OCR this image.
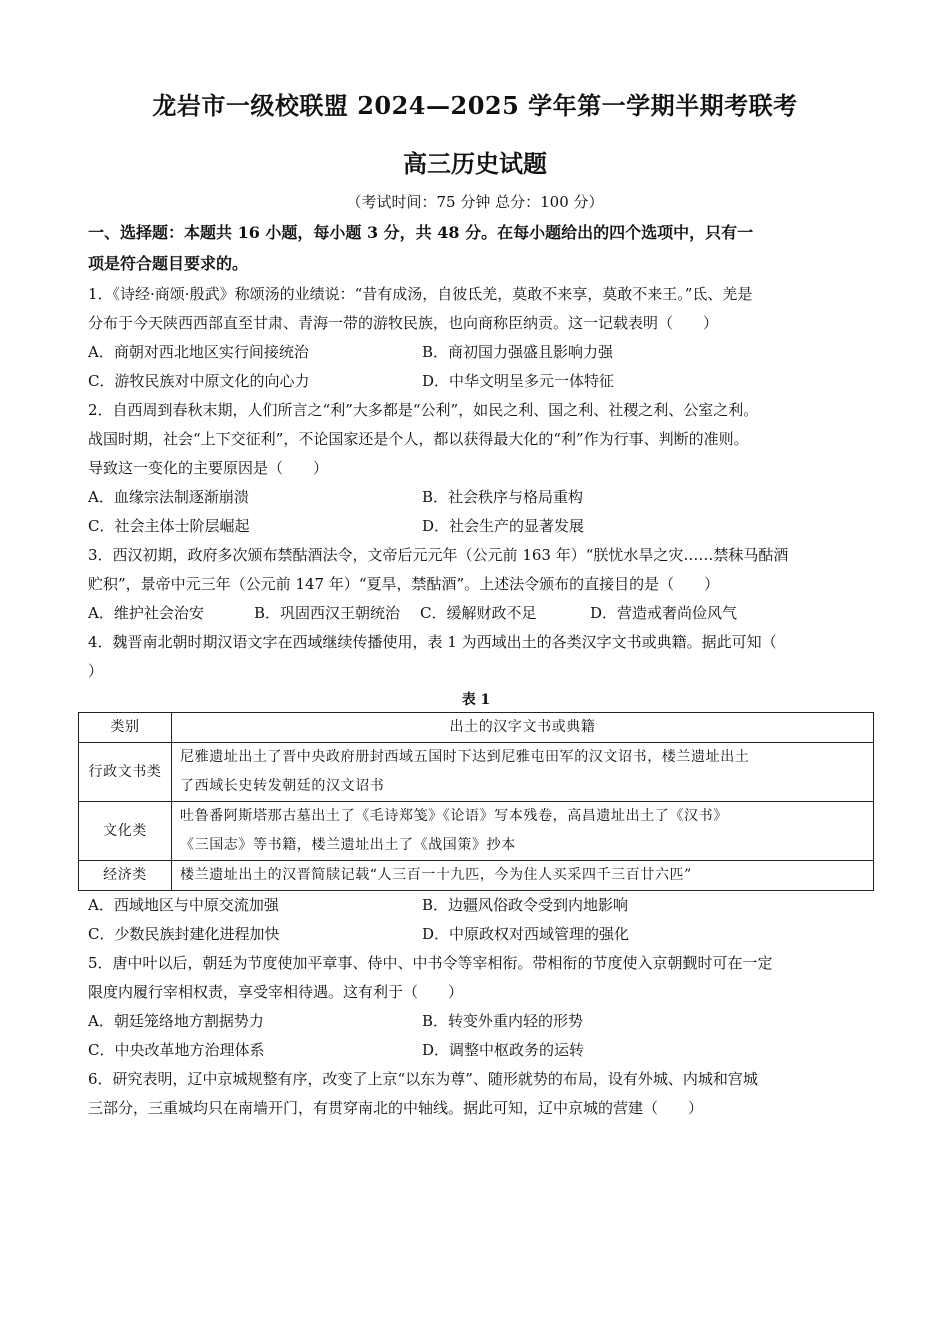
龙岩市一级校联盟 2024—2025 学年第一学期半期考联考
高三历史试题
（考试时间：75 分钟 总分：100 分）
一、选择题：本题共 16 小题，每小题 3 分，共 48 分。在每小题给出的四个选项中，只有一
项是符合题目要求的。

1．《诗经·商颂·殷武》称颂汤的业绩说：“昔有成汤，自彼氐羌，莫敢不来享，莫敢不来王。”氐、羌是

分布于今天陕西西部直至甘肃、青海一带的游牧民族，也向商称臣纳贡。这一记载表明（　　）

A．商朝对西北地区实行间接统治	B．商初国力强盛且影响力强
C．游牧民族对中原文化的向心力	D．中华文明呈多元一体特征

2．自西周到春秋末期，人们所言之“利”大多都是“公利”，如民之利、国之利、社稷之利、公室之利。

战国时期，社会“上下交征利”，不论国家还是个人，都以获得最大化的“利”作为行事、判断的准则。

导致这一变化的主要原因是（　　）

A．血缘宗法制逐渐崩溃	B．社会秩序与格局重构
C．社会主体士阶层崛起	D．社会生产的显著发展

3．西汉初期，政府多次颁布禁酤酒法令，文帝后元元年（公元前 163 年）“朕忧水旱之灾……禁秣马酤酒

贮积”，景帝中元三年（公元前 147 年）“夏旱，禁酤酒”。上述法令颁布的直接目的是（　　）

A．维护社会治安	B．巩固西汉王朝统治	C．缓解财政不足	D．营造戒奢尚俭风气

4．魏晋南北朝时期汉语文字在西域继续传播使用，表 1 为西域出土的各类汉字文书或典籍。据此可知（

）

表 1
类别	出土的汉字文书或典籍
行政文书类	尼雅遗址出土了晋中央政府册封西域五国时下达到尼雅屯田军的汉文诏书，楼兰遗址出土
了西域长史转发朝廷的汉文诏书

文化类	吐鲁番阿斯塔那古墓出土了《毛诗郑笺》《论语》写本残卷，高昌遗址出土了《汉书》
《三国志》等书籍，楼兰遗址出土了《战国策》抄本

经济类	楼兰遗址出土的汉晋简牍记载“人三百一十九匹，今为住人买采四千三百廿六匹”
A．西域地区与中原交流加强	B．边疆风俗政令受到内地影响
C．少数民族封建化进程加快	D．中原政权对西域管理的强化

5．唐中叶以后，朝廷为节度使加平章事、侍中、中书令等宰相衔。带相衔的节度使入京朝觐时可在一定

限度内履行宰相权责，享受宰相待遇。这有利于（　　）

A．朝廷笼络地方割据势力	B．转变外重内轻的形势
C．中央改革地方治理体系	D．调整中枢政务的运转

6．研究表明，辽中京城规整有序，改变了上京“以东为尊”、随形就势的布局，设有外城、内城和宫城

三部分，三重城均只在南墙开门，有贯穿南北的中轴线。据此可知，辽中京城的营建（　　）
